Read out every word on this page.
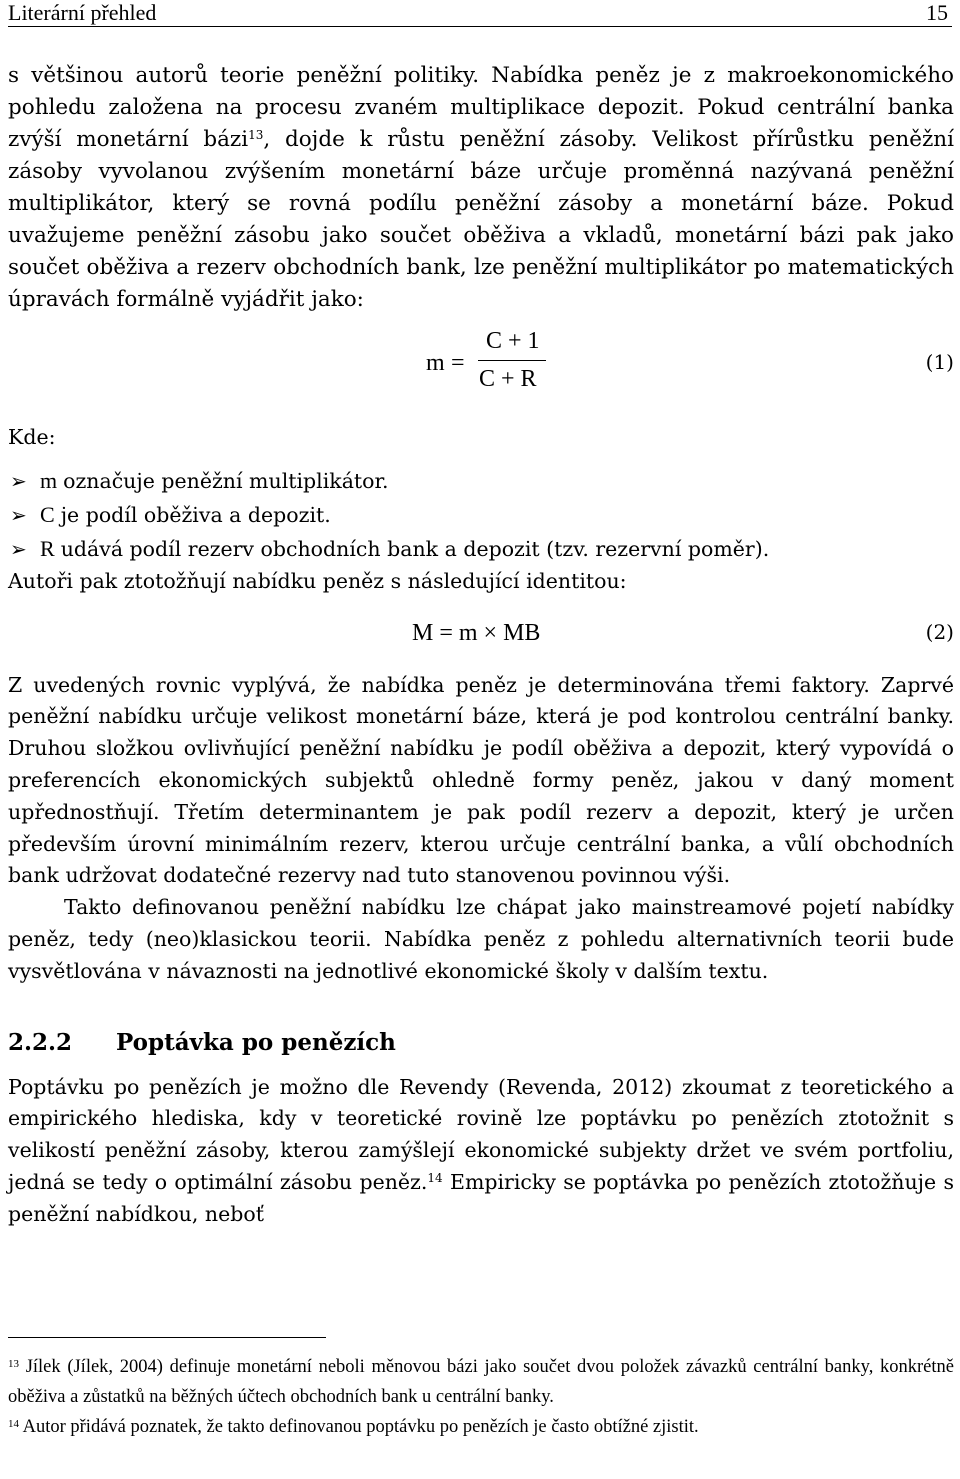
Literární přehled	15

s většinou autorů teorie peněžní politiky. Nabídka peněz je z makroekonomického pohledu založena na procesu zvaném multiplikace depozit. Pokud centrální banka zvýší monetární bázi$^{13}$, dojde k růstu peněžní zásoby. Velikost přírůstku peněžní zásoby vyvolanou zvýšením monetární báze určuje proměnná nazývaná peněžní multiplikátor, který se rovná podílu peněžní zásoby a monetární báze. Pokud uvažujeme peněžní zásobu jako součet oběživa a vkladů, monetární bázi pak jako součet oběživa a rezerv obchodních bank, lze peněžní multiplikátor po matematických úpravách formálně vyjádřit jako:

m =
C + 1
C + R
(1)

Kde:

➢ m označuje peněžní multiplikátor.
➢ C je podíl oběživa a depozit.
➢ R udává podíl rezerv obchodních bank a depozit (tzv. rezervní poměr).

Autoři pak ztotožňují nabídku peněz s následující identitou:

M = m × MB	(2)

Z uvedených rovnic vyplývá, že nabídka peněz je determinována třemi faktory. Zaprvé peněžní nabídku určuje velikost monetární báze, která je pod kontrolou centrální banky. Druhou složkou ovlivňující peněžní nabídku je podíl oběživa a depozit, který vypovídá o preferencích ekonomických subjektů ohledně formy peněz, jakou v daný moment upřednostňují. Třetím determinantem je pak podíl rezerv a depozit, který je určen především úrovní minimálním rezerv, kterou určuje centrální banka, a vůlí obchodních bank udržovat dodatečné rezervy nad tuto stanovenou povinnou výši.

Takto definovanou peněžní nabídku lze chápat jako mainstreamové pojetí nabídky peněz, tedy (neo)klasickou teorii. Nabídka peněz z pohledu alternativních teorii bude vysvětlována v návaznosti na jednotlivé ekonomické školy v dalším textu.

2.2.2 Poptávka po penězích

Poptávku po penězích je možno dle Revendy (Revenda, 2012) zkoumat z teoretického a empirického hlediska, kdy v teoretické rovině lze poptávku po penězích ztotožnit s velikostí peněžní zásoby, kterou zamýšlejí ekonomické subjekty držet ve svém portfoliu, jedná se tedy o optimální zásobu peněz.$^{14}$ Empiricky se poptávka po penězích ztotožňuje s peněžní nabídkou, neboť

$^{13}$ Jílek (Jílek, 2004) definuje monetární neboli měnovou bázi jako součet dvou položek závazků centrální banky, konkrétně oběživa a zůstatků na běžných účtech obchodních bank u centrální banky.

$^{14}$ Autor přidává poznatek, že takto definovanou poptávku po penězích je často obtížné zjistit.
